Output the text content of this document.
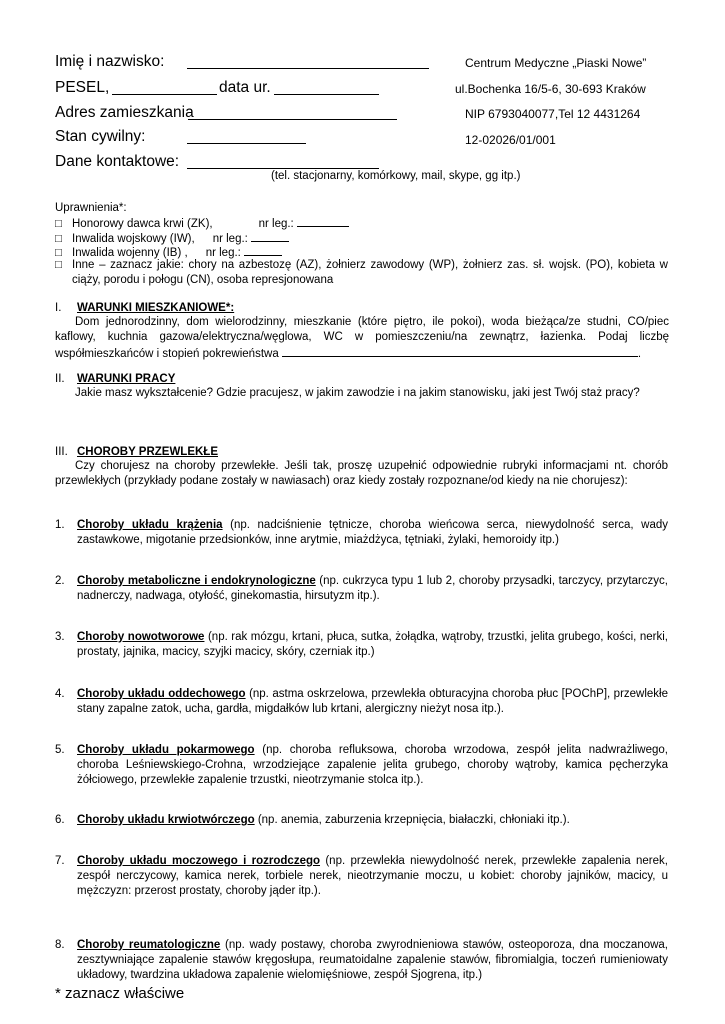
Imię i nazwisko:
PESEL,	data ur.
Adres zamieszkania
Stan cywilny:
Dane kontaktowe:
(tel. stacjonarny, komórkowy, mail, skype, gg itp.)
Centrum Medyczne „Piaski Nowe”
ul.Bochenka 16/5-6, 30-693 Kraków
NIP 6793040077,Tel 12 4431264
12-02026/01/001
Uprawnienia*:
□ Honorowy dawca krwi (ZK),	nr leg.:
□ Inwalida wojskowy (IW), nr leg.:
□ Inwalida wojenny (IB) , nr leg.:
□ Inne – zaznacz jakie: chory na azbestozę (AZ), żołnierz zawodowy (WP), żołnierz zas. sł. wojsk. (PO), kobieta w ciąży, porodu i połogu (CN), osoba represjonowana
I. WARUNKI MIESZKANIOWE*:
Dom jednorodzinny, dom wielorodzinny, mieszkanie (które piętro, ile pokoi), woda bieżąca/ze studni, CO/piec kaflowy, kuchnia gazowa/elektryczna/węglowa, WC w pomieszczeniu/na zewnątrz, łazienka. Podaj liczbę współmieszkańców i stopień pokrewieństwa	.
II. WARUNKI PRACY
Jakie masz wykształcenie? Gdzie pracujesz, w jakim zawodzie i na jakim stanowisku, jaki jest Twój staż pracy?
III. CHOROBY PRZEWLEKŁE
Czy chorujesz na choroby przewlekłe. Jeśli tak, proszę uzupełnić odpowiednie rubryki informacjami nt. chorób przewlekłych (przykłady podane zostały w nawiasach) oraz kiedy zostały rozpoznane/od kiedy na nie chorujesz):
1.	Choroby układu krążenia (np. nadciśnienie tętnicze, choroba wieńcowa serca, niewydolność serca, wady zastawkowe, migotanie przedsionków, inne arytmie, miażdżyca, tętniaki, żylaki, hemoroidy itp.)
2.	Choroby metaboliczne i endokrynologiczne (np. cukrzyca typu 1 lub 2, choroby przysadki, tarczycy, przytarczyc, nadnerczy, nadwaga, otyłość, ginekomastia, hirsutyzm itp.).
3.	Choroby nowotworowe (np. rak mózgu, krtani, płuca, sutka, żołądka, wątroby, trzustki, jelita grubego, kości, nerki, prostaty, jajnika, macicy, szyjki macicy, skóry, czerniak itp.)
4.	Choroby układu oddechowego (np. astma oskrzelowa, przewlekła obturacyjna choroba płuc [POChP], przewlekłe stany zapalne zatok, ucha, gardła, migdałków lub krtani, alergiczny nieżyt nosa itp.).
5.	Choroby układu pokarmowego (np. choroba refluksowa, choroba wrzodowa, zespół jelita nadwrażliwego, choroba Leśniewskiego-Crohna, wrzodziejące zapalenie jelita grubego, choroby wątroby, kamica pęcherzyka żółciowego, przewlekłe zapalenie trzustki, nieotrzymanie stolca itp.).
6.	Choroby układu krwiotwórczego (np. anemia, zaburzenia krzepnięcia, białaczki, chłoniaki itp.).
7.	Choroby układu moczowego i rozrodczego (np. przewlekła niewydolność nerek, przewlekłe zapalenia nerek, zespół nerczycowy, kamica nerek, torbiele nerek, nieotrzymanie moczu, u kobiet: choroby jajników, macicy, u mężczyzn: przerost prostaty, choroby jąder itp.).
8.	Choroby reumatologiczne (np. wady postawy, choroba zwyrodnieniowa stawów, osteoporoza, dna moczanowa, zesztywniające zapalenie stawów kręgosłupa, reumatoidalne zapalenie stawów, fibromialgia, toczeń rumieniowaty układowy, twardzina układowa zapalenie wielomięśniowe, zespół Sjogrena, itp.)
* zaznacz właściwe
